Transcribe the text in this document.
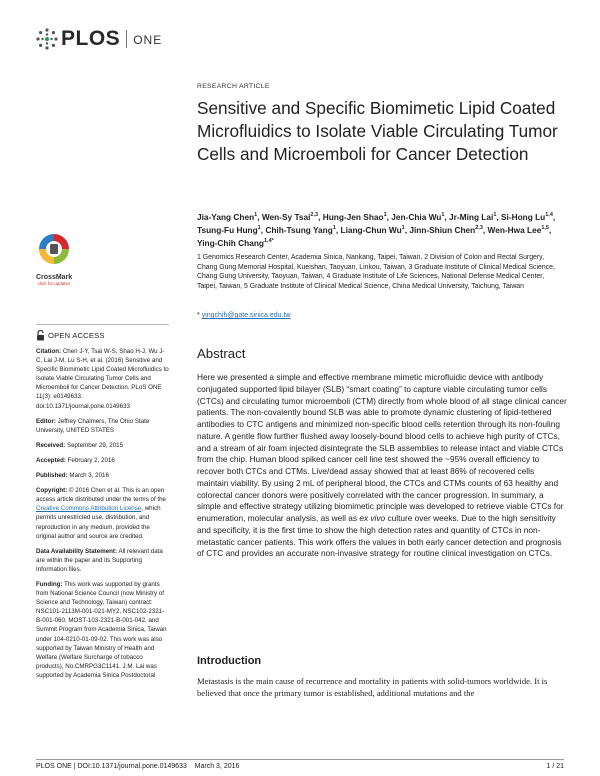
PLOS ONE
CrossMark
click for updates
OPEN ACCESS

Citation: Chen J-Y, Tsai W-S, Shao H-J, Wu J-C, Lai J-M, Lu S-H, et al. (2016) Sensitive and Specific Biomimetic Lipid Coated Microfluidics to Isolate Viable Circulating Tumor Cells and Microemboli for Cancer Detection. PLoS ONE 11(3): e0149633. doi:10.1371/journal.pone.0149633

Editor: Jeffrey Chalmers, The Ohio State University, UNITED STATES

Received: September 29, 2015

Accepted: February 2, 2016

Published: March 3, 2016

Copyright: © 2016 Chen et al. This is an open access article distributed under the terms of the Creative Commons Attribution License, which permits unrestricted use, distribution, and reproduction in any medium, provided the original author and source are credited.

Data Availability Statement: All relevant data are within the paper and its Supporting Information files.

Funding: This work was supported by grants from National Science Council (now Ministry of Science and Technology, Taiwan) contract: NSC101-2113M-001-021-MY2, NSC102-2321-B-001-060, MOST-103-2321-B-001-042, and Summit Program from Academia Sinica, Taiwan under 104-0210-01-09-02. This work was also supported by Taiwan Ministry of Health and Welfare (Welfare Surcharge of tobacco products), No.CMRPG3C1141. J.M. Lai was supported by Academia Sinica Postdoctoral

RESEARCH ARTICLE
Sensitive and Specific Biomimetic Lipid Coated Microfluidics to Isolate Viable Circulating Tumor Cells and Microemboli for Cancer Detection
Jia-Yang Chen$^1$, Wen-Sy Tsai$^{2,3}$, Hung-Jen Shao$^1$, Jen-Chia Wu$^1$, Jr-Ming Lai$^1$, Si-Hong Lu$^{1,4}$, Tsung-Fu Hung$^1$, Chih-Tsung Yang$^1$, Liang-Chun Wu$^1$, Jinn-Shiun Chen$^{2,3}$, Wen-Hwa Lee$^{1,5}$, Ying-Chih Chang$^{1,4*}$
1 Genomics Research Center, Academia Sinica, Nankang, Taipei, Taiwan, 2 Division of Colon and Rectal Surgery, Chang Gung Memorial Hospital, Kueishan, Taoyuan, Linkou, Taiwan, 3 Graduate Institute of Clinical Medical Science, Chang Gung University, Taoyuan, Taiwan, 4 Graduate Institute of Life Sciences, National Defense Medical Center, Taipei, Taiwan, 5 Graduate Institute of Clinical Medical Science, China Medical University, Taichung, Taiwan
* yingchih@gate.sinica.edu.tw
Abstract

Here we presented a simple and effective membrane mimetic microfluidic device with antibody conjugated supported lipid bilayer (SLB) “smart coating” to capture viable circulating tumor cells (CTCs) and circulating tumor microemboli (CTM) directly from whole blood of all stage clinical cancer patients. The non-covalently bound SLB was able to promote dynamic clustering of lipid-tethered antibodies to CTC antigens and minimized non-specific blood cells retention through its non-fouling nature. A gentle flow further flushed away loosely-bound blood cells to achieve high purity of CTCs, and a stream of air foam injected disintegrate the SLB assemblies to release intact and viable CTCs from the chip. Human blood spiked cancer cell line test showed the ~95% overall efficiency to recover both CTCs and CTMs. Live/dead assay showed that at least 86% of recovered cells maintain viability. By using 2 mL of peripheral blood, the CTCs and CTMs counts of 63 healthy and colorectal cancer donors were positively correlated with the cancer progression. In summary, a simple and effective strategy utilizing biomimetic principle was developed to retrieve viable CTCs for enumeration, molecular analysis, as well as ex vivo culture over weeks. Due to the high sensitivity and specificity, it is the first time to show the high detection rates and quantity of CTCs in non-metastatic cancer patients. This work offers the values in both early cancer detection and prognosis of CTC and provides an accurate non-invasive strategy for routine clinical investigation on CTCs.

Introduction

Metastasis is the main cause of recurrence and mortality in patients with solid-tumors worldwide. It is believed that once the primary tumor is established, additional mutations and the

PLOS ONE | DOI:10.1371/journal.pone.0149633    March 3, 2016	1 / 21
